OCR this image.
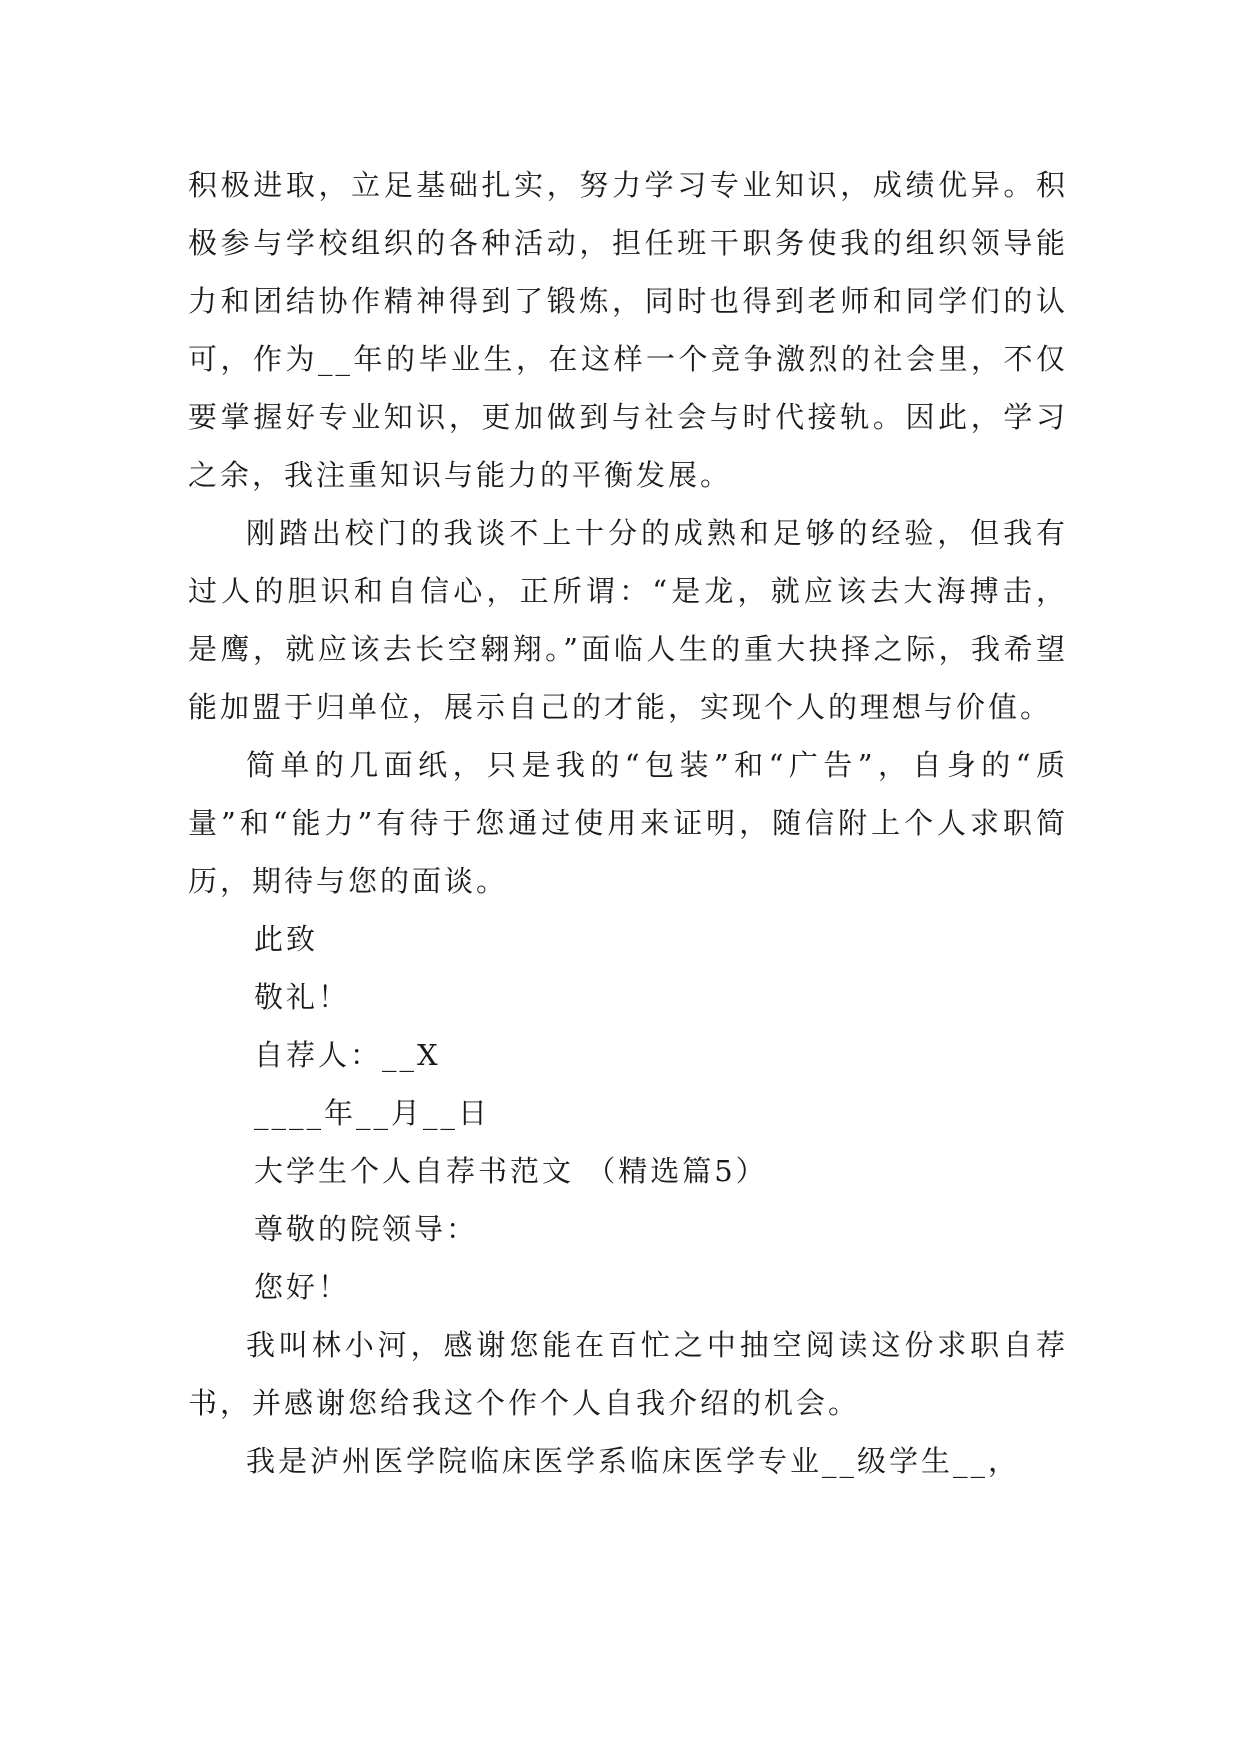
积极进取，立足基础扎实，努力学习专业知识，成绩优异。积极参与学校组织的各种活动，担任班干职务使我的组织领导能力和团结协作精神得到了锻炼，同时也得到老师和同学们的认可，作为__年的毕业生，在这样一个竞争激烈的社会里，不仅要掌握好专业知识，更加做到与社会与时代接轨。因此，学习之余，我注重知识与能力的平衡发展。

刚踏出校门的我谈不上十分的成熟和足够的经验，但我有过人的胆识和自信心，正所谓：“是龙，就应该去大海搏击，是鹰，就应该去长空翱翔。”面临人生的重大抉择之际，我希望能加盟于归单位，展示自己的才能，实现个人的理想与价值。

简单的几面纸，只是我的“包装”和“广告”，自身的“质量”和“能力”有待于您通过使用来证明，随信附上个人求职简历，期待与您的面谈。

此致

敬礼！

自荐人：__X

____年__月__日

大学生个人自荐书范文 （精选篇5）

尊敬的院领导：

您好！

我叫林小河，感谢您能在百忙之中抽空阅读这份求职自荐书，并感谢您给我这个作个人自我介绍的机会。

我是泸州医学院临床医学系临床医学专业__级学生__，
